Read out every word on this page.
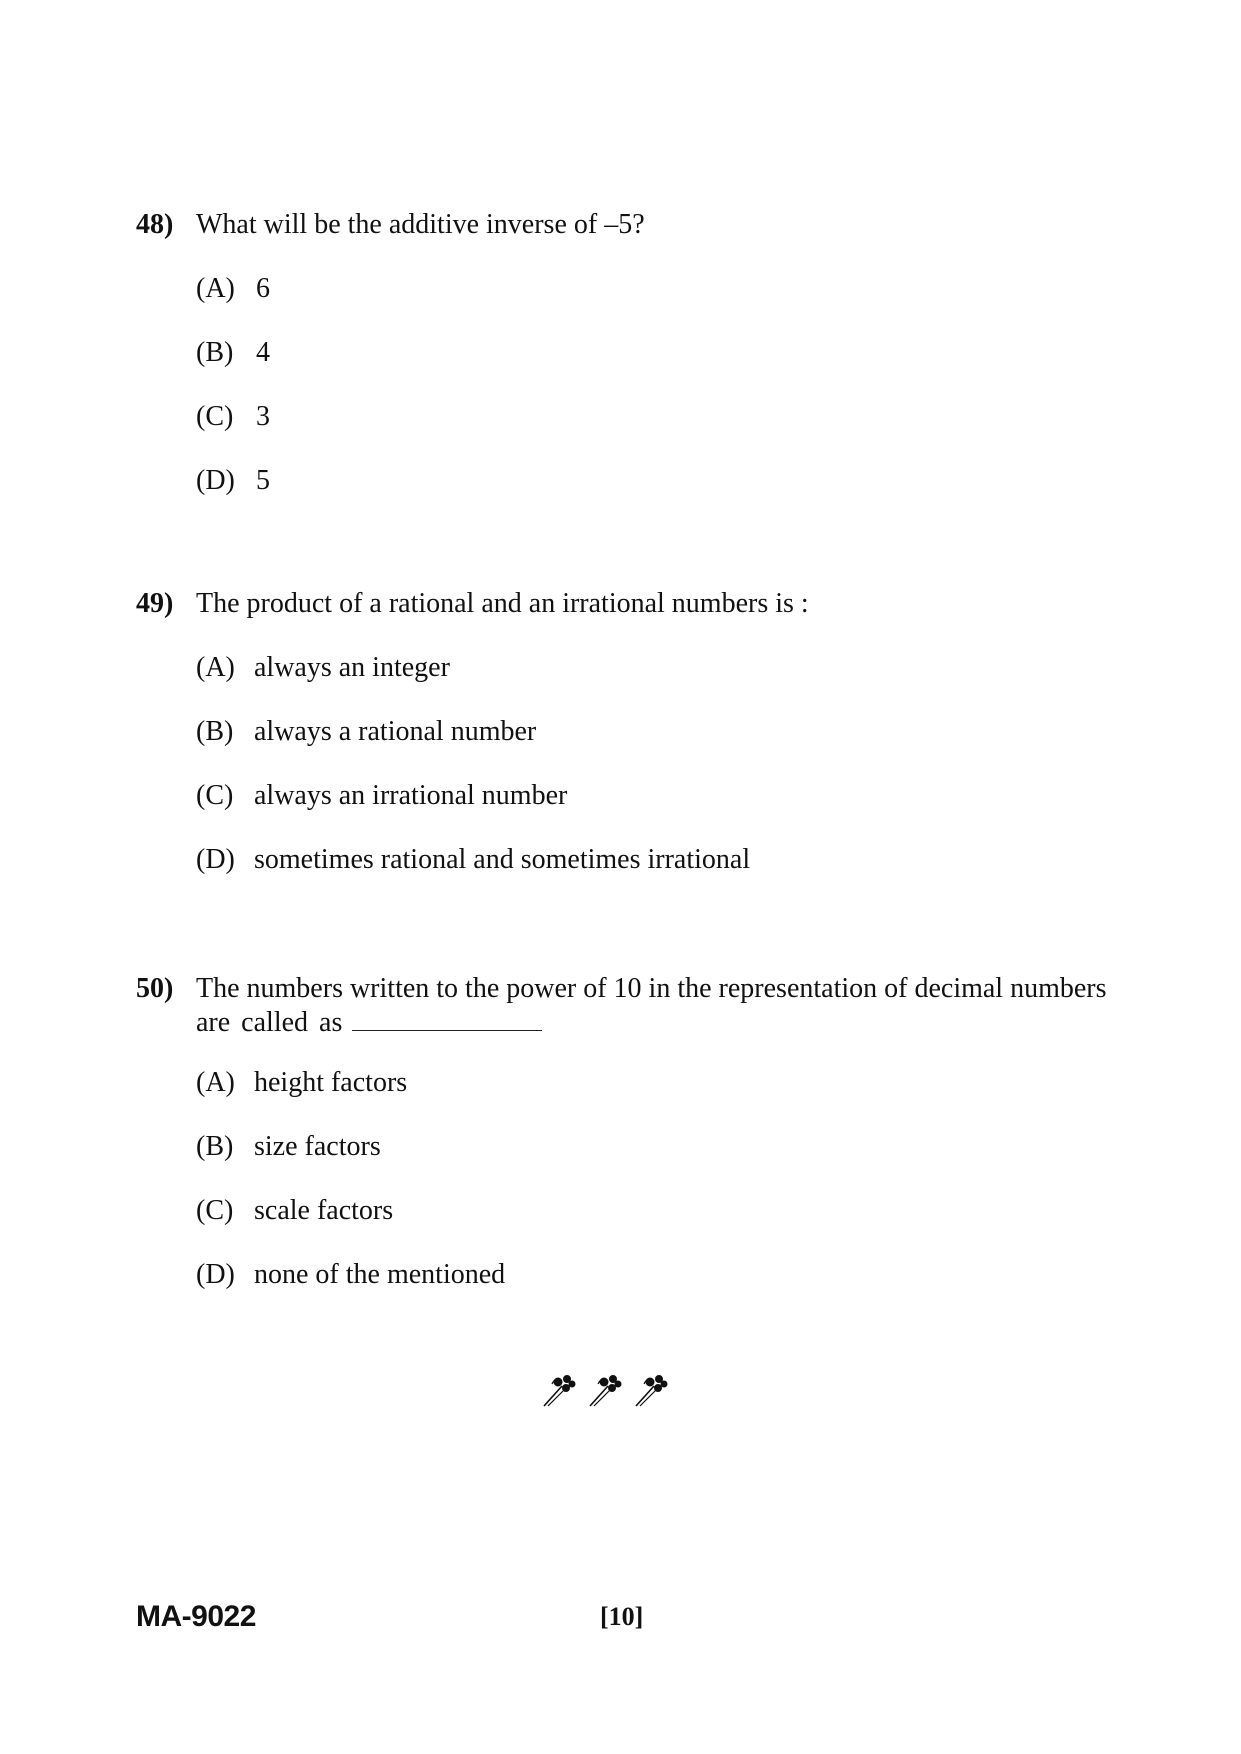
48) What will be the additive inverse of –5?
(A) 6
(B) 4
(C) 3
(D) 5
49) The product of a rational and an irrational numbers is :
(A) always an integer
(B) always a rational number
(C) always an irrational number
(D) sometimes rational and sometimes irrational
50) The numbers written to the power of 10 in the representation of decimal numbers
are called as
(A) height factors
(B) size factors
(C) scale factors
(D) none of the mentioned
MA-9022	[10]
